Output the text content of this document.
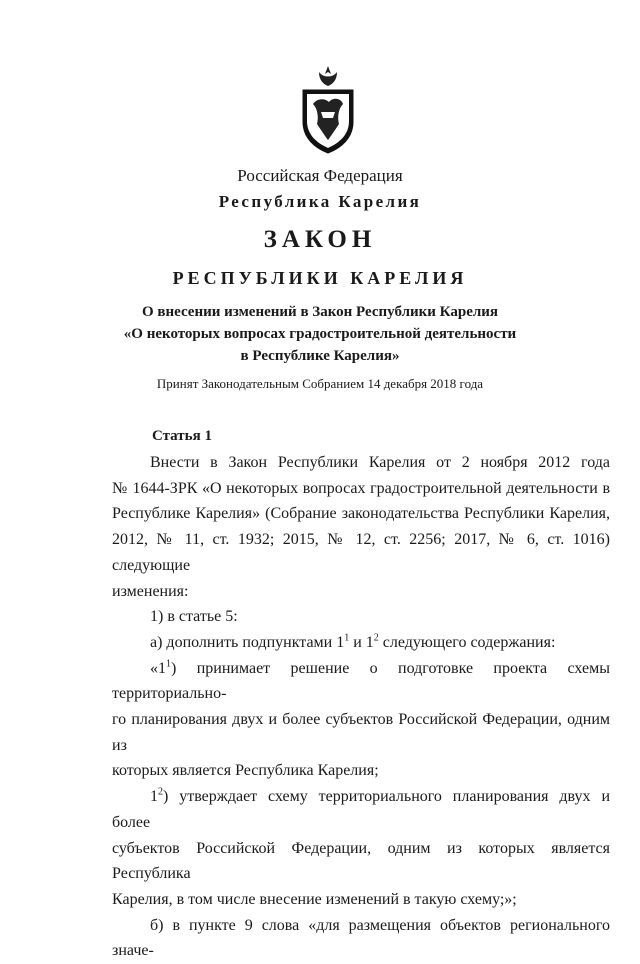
Российская Федерация
Республика Карелия
ЗАКОН
РЕСПУБЛИКИ КАРЕЛИЯ
О внесении изменений в Закон Республики Карелия
«О некоторых вопросах градостроительной деятельности
в Республике Карелия»
Принят Законодательным Собранием 14 декабря 2018 года
Статья 1

Внести в Закон Республики Карелия от 2 ноября 2012 года

№ 1644-ЗРК «О некоторых вопросах градостроительной деятельности в

Республике Карелия» (Собрание законодательства Республики Карелия,

2012, № 11, ст. 1932; 2015, № 12, ст. 2256; 2017, № 6, ст. 1016) следующие

изменения:

1) в статье 5:

а) дополнить подпунктами $1^1$ и $1^2$ следующего содержания:

«$1^1$) принимает решение о подготовке проекта схемы территориально-

го планирования двух и более субъектов Российской Федерации, одним из

которых является Республика Карелия;

$1^2$) утверждает схему территориального планирования двух и более

субъектов Российской Федерации, одним из которых является Республика

Карелия, в том числе внесение изменений в такую схему;»;

б) в пункте 9 слова «для размещения объектов регионального значе-
